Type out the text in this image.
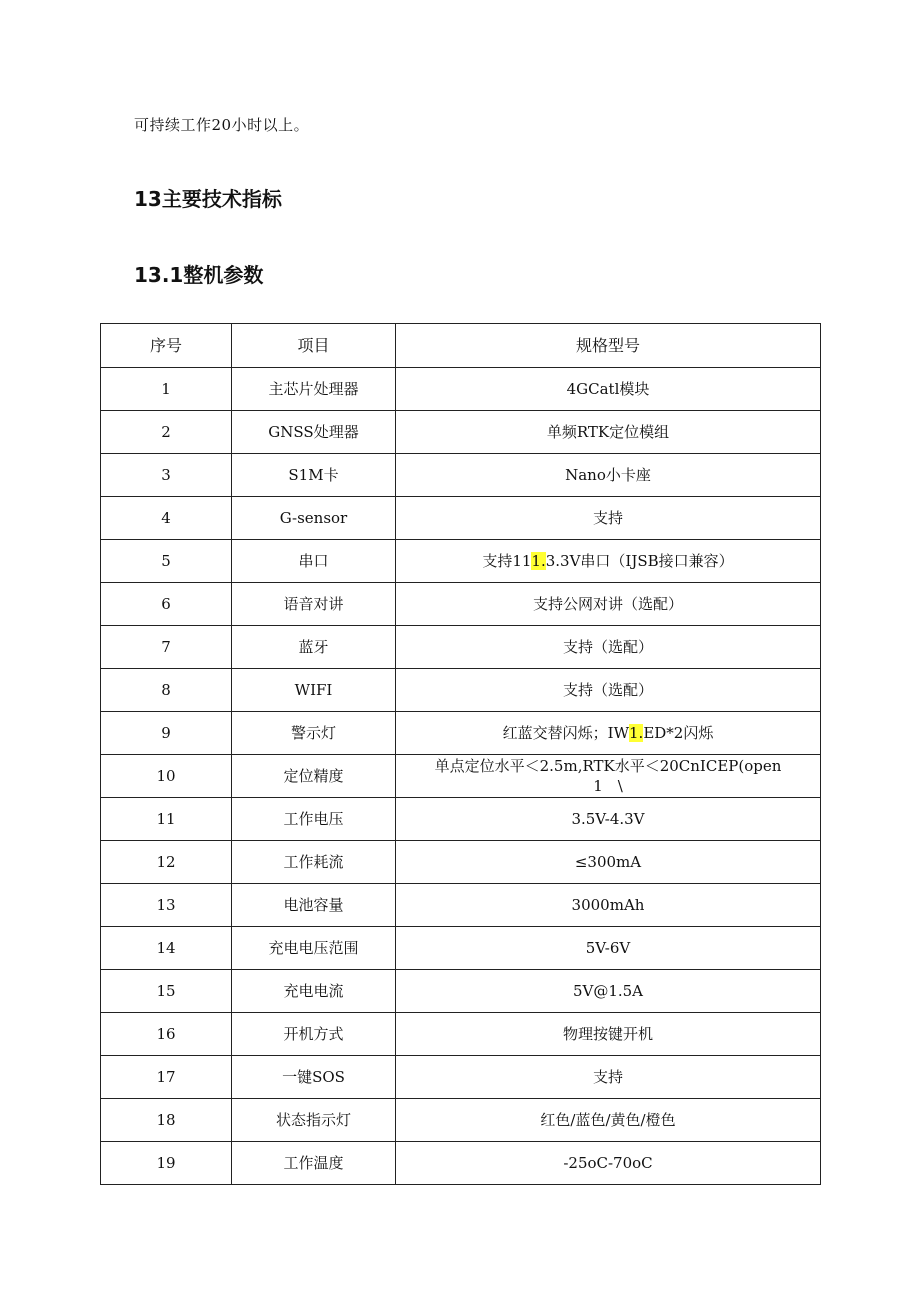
可持续工作20小时以上。
13主要技术指标
13.1整机参数
序号	项目	规格型号
1	主芯片处理器	4GCatl模块
2	GNSS处理器	单频RTK定位模组
3	S1M卡	Nano小卡座
4	G-sensor	支持
5	串口	支持111.3.3V串口（IJSB接口兼容）
6	语音对讲	支持公网对讲（选配）
7	蓝牙	支持（选配）
8	WIFI	支持（选配）
9	警示灯	红蓝交替闪烁；IW1.ED*2闪烁
10	定位精度	单点定位水平＜2.5m,RTK水平＜20CnICEP(open
1　\

11	工作电压	3.5V-4.3V
12	工作耗流	≤300mA
13	电池容量	3000mAh
14	充电电压范围	5V-6V
15	充电电流	5V@1.5A
16	开机方式	物理按键开机
17	一键SOS	支持
18	状态指示灯	红色/蓝色/黄色/橙色
19	工作温度	-25oC-70oC
